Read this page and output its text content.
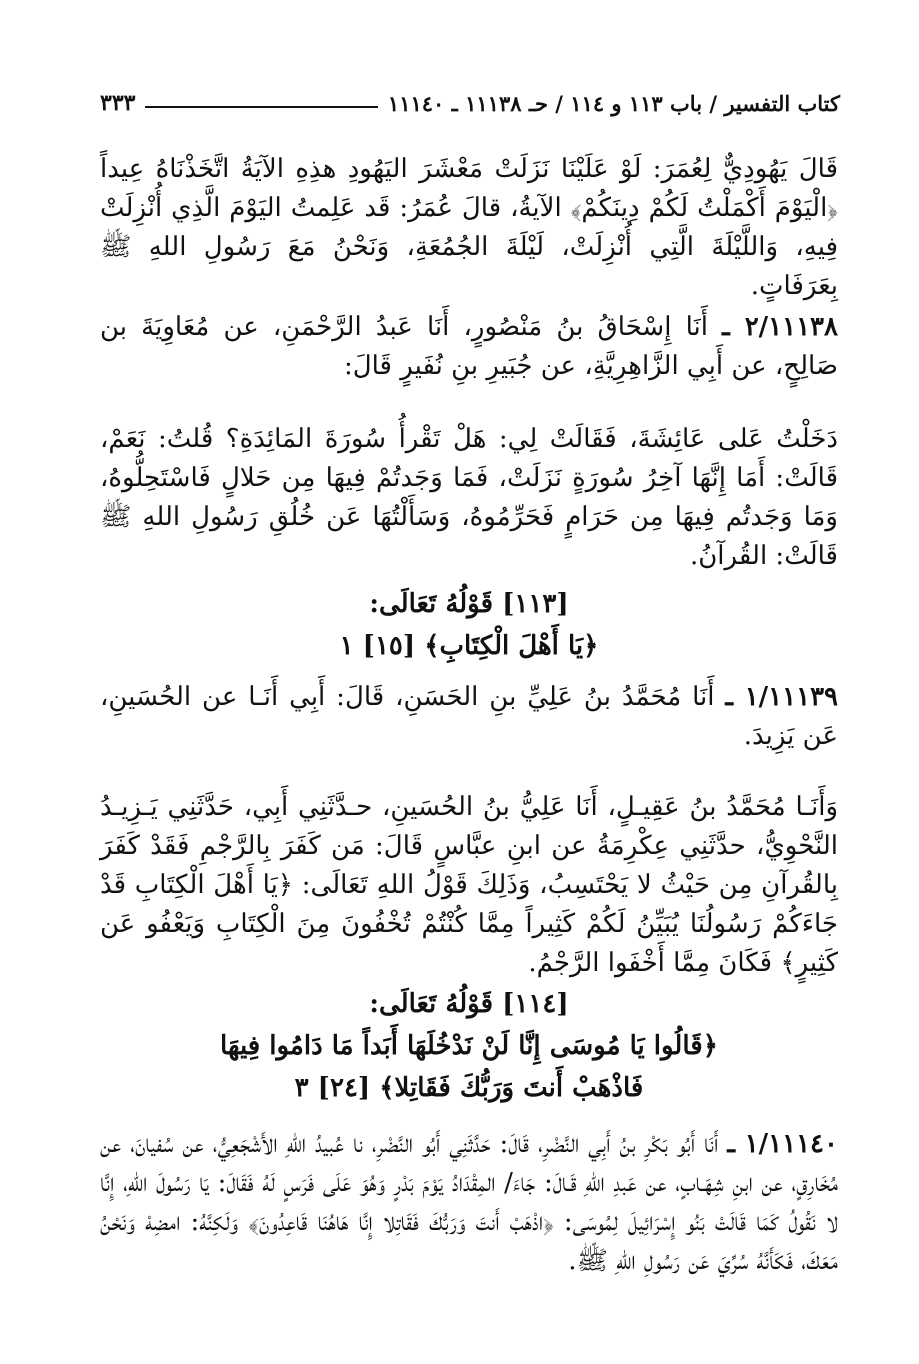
كتاب التفسير / باب ١١٣ و ١١٤ / حـ ١١١٣٨ ـ ١١١٤٠
٣٣٣

قَالَ يَهُودِيٌّ لِعُمَرَ: لَوْ عَلَيْنَا نَزَلَتْ مَعْشَرَ اليَهُودِ هذِهِ الآيَةُ اتَّخَذْنَاهُ عِيداً ﴿الْيَوْمَ أَكْمَلْتُ لَكُمْ دِينَكُمْ﴾ الآيةُ، قالَ عُمَرُ: قَد عَلِمتُ اليَوْمَ الَّذِي أُنْزِلَتْ فِيهِ، وَاللَّيْلَةَ الَّتِي أُنْزِلَتْ، لَيْلَةَ الجُمُعَةِ، وَنَحْنُ مَعَ رَسُولِ اللهِ ﷺ بِعَرَفَاتٍ.

٢/١١١٣٨ ـ أَنَا إِسْحَاقُ بنُ مَنْصُورٍ، أَنَا عَبدُ الرَّحْمَنِ، عن مُعَاوِيَةَ بن صَالِحٍ، عن أَبِي الزَّاهِرِيَّةِ، عن جُبَيرِ بنِ نُفَيرٍ قَالَ:

دَخَلْتُ عَلى عَائِشَةَ، فَقَالَتْ لِي: هَلْ تَقْرأُ سُورَةَ المَائِدَةِ؟ قُلتُ: نَعَمْ، قَالَتْ: أَمَا إِنَّهَا آخِرُ سُورَةٍ نَزَلَتْ، فَمَا وَجَدتُمْ فِيهَا مِن حَلالٍ فَاسْتَحِلُّوهُ، وَمَا وَجَدتُم فِيهَا مِن حَرَامٍ فَحَرِّمُوهُ، وَسَأَلْتُهَا عَن خُلُقِ رَسُولِ اللهِ ﷺ قَالَتْ: القُرآنُ.

[١١٣] قَوْلُهُ تَعَالَى:
﴿يَا أَهْلَ الْكِتَابِ﴾ [١٥] ١

١/١١١٣٩ ـ أَنَا مُحَمَّدُ بنُ عَلِيِّ بنِ الحَسَنِ، قَالَ: أَبِي أَنَـا عن الحُسَينِ، عَن يَزِيدَ.

وَأَنَـا مُحَمَّدُ بنُ عَقِيـلٍ، أَنَا عَلِيُّ بنُ الحُسَينِ، حـدَّثَنِي أَبِي، حَدَّثَنِي يَـزِيـدُ النَّحْوِيُّ، حدَّثَنِي عِكْرِمَةُ عن ابنِ عبَّاسٍ قَالَ: مَن كَفَرَ بِالرَّجْمِ فَقَدْ كَفَرَ بِالقُرآنِ مِن حَيْثُ لا يَحْتَسِبُ، وَذَلِكَ قَوْلُ اللهِ تَعَالَى: ﴿يَا أَهْلَ الْكِتَابِ قَدْ جَاءَكُمْ رَسُولُنَا يُبَيِّنُ لَكُمْ كَثِيراً مِمَّا كُنْتُمْ تُخْفُونَ مِنَ الْكِتَابِ وَيَعْفُو عَن كَثِيرٍ﴾ فَكَانَ مِمَّا أَخْفَوا الرَّجْمُ.

[١١٤] قَوْلُهُ تَعَالَى:
﴿قَالُوا يَا مُوسَى إِنَّا لَنْ نَدْخُلَهَا أَبَداً مَا دَامُوا فِيهَا
فَاذْهَبْ أَنتَ وَرَبُّكَ فَقَاتِلا﴾ [٢٤] ٣

١/١١١٤٠ ـ أَنَا أَبُو بَكْرِ بنُ أَبِي النَّضْرِ، قَالَ: حَدَّثَنِي أَبُو النَّضْرِ، نا عُبيدُ اللهِ الأَشْجَعِيُّ، عن سُفيانَ، عن مُخَارِقٍ، عن ابنِ شِهَـابٍ، عن عَبدِ اللهِ قَـالَ: جَاءَ/ المِقْدَادُ يَوْمَ بَدْرٍ وَهُوَ عَلَى فَرَسٍ لَهُ فَقَالَ: يَا رَسُولَ اللهِ، إِنَّا لا نَقُولُ كَمَا قَالَتْ بَنُو إِسْرَائِيلَ لِمُوسَى: ﴿اذْهَبْ أَنتَ وَرَبُّكَ فَقَاتِلا إِنَّا هَاهُنَا قَاعِدُونَ﴾ وَلَكِنَّهُ: امضِهْ وَنَحْنُ مَعَكَ، فَكَأَنَّهُ سُرِّيَ عَن رَسُولِ اللهِ ﷺ.
